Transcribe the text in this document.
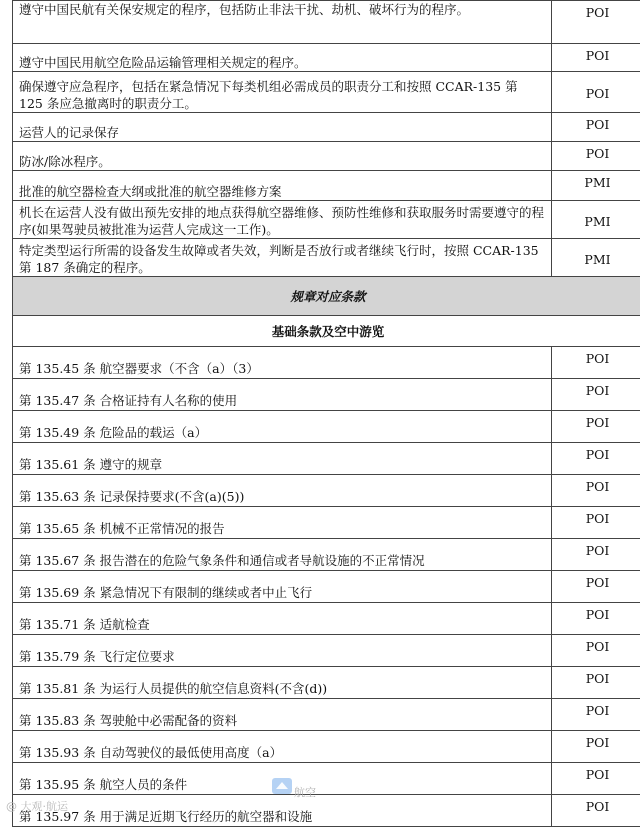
遵守中国民航有关保安规定的程序，包括防止非法干扰、劫机、破坏行为的程序。	POI
遵守中国民用航空危险品运输管理相关规定的程序。	POI
确保遵守应急程序，包括在紧急情况下每类机组必需成员的职责分工和按照 CCAR-135 第 125 条应急撤离时的职责分工。	POI
运营人的记录保存	POI
防冰/除冰程序。	POI
批准的航空器检查大纲或批准的航空器维修方案	PMI
机长在运营人没有做出预先安排的地点获得航空器维修、预防性维修和获取服务时需要遵守的程序(如果驾驶员被批准为运营人完成这一工作)。	PMI
特定类型运行所需的设备发生故障或者失效，判断是否放行或者继续飞行时，按照 CCAR-135 第 187 条确定的程序。	PMI
规章对应条款	
基础条款及空中游览	
第 135.45 条 航空器要求（不含（a）（3）	POI
第 135.47 条 合格证持有人名称的使用	POI
第 135.49 条 危险品的载运（a）	POI
第 135.61 条 遵守的规章	POI
第 135.63 条 记录保持要求(不含(a)(5))	POI
第 135.65 条 机械不正常情况的报告	POI
第 135.67 条 报告潜在的危险气象条件和通信或者导航设施的不正常情况	POI
第 135.69 条 紧急情况下有限制的继续或者中止飞行	POI
第 135.71 条 适航检查	POI
第 135.79 条 飞行定位要求	POI
第 135.81 条 为运行人员提供的航空信息资料(不含(d))	POI
第 135.83 条 驾驶舱中必需配备的资料	POI
第 135.93 条 自动驾驶仪的最低使用高度（a）	POI
第 135.95 条 航空人员的条件	POI
第 135.97 条 用于满足近期飞行经历的航空器和设施	POI
@ 大观·航运
航空
